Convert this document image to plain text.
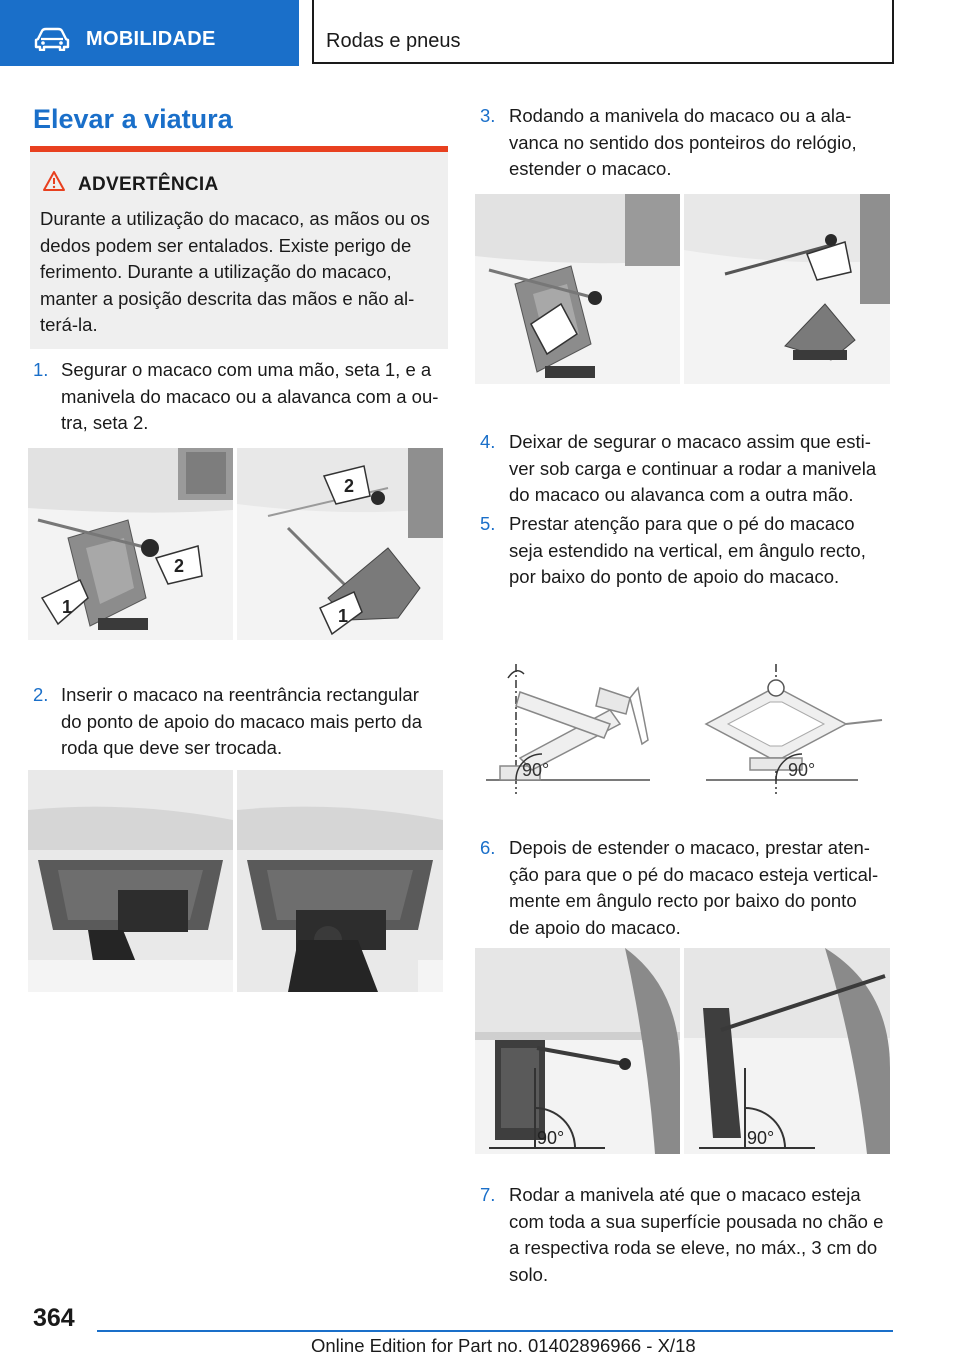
MOBILIDADE	Rodas e pneus
Elevar a viatura
ADVERTÊNCIA
Durante a utilização do macaco, as mãos ou os
dedos podem ser entalados. Existe perigo de
ferimento. Durante a utilização do macaco,
manter a posição descrita das mãos e não al-
terá-la.
1. Segurar o macaco com uma mão, seta 1, e a
manivela do macaco ou a alavanca com a ou-
tra, seta 2.
1
2
2
1
2. Inserir o macaco na reentrância rectangular
do ponto de apoio do macaco mais perto da
roda que deve ser trocada.
3. Rodando a manivela do macaco ou a ala-
vanca no sentido dos ponteiros do relógio,
estender o macaco.
4. Deixar de segurar o macaco assim que esti-
ver sob carga e continuar a rodar a manivela
do macaco ou alavanca com a outra mão.
5. Prestar atenção para que o pé do macaco
seja estendido na vertical, em ângulo recto,
por baixo do ponto de apoio do macaco.
90°	90°
6. Depois de estender o macaco, prestar aten-
ção para que o pé do macaco esteja vertical-
mente em ângulo recto por baixo do ponto
de apoio do macaco.
90°	90°
7. Rodar a manivela até que o macaco esteja
com toda a sua superfície pousada no chão e
a respectiva roda se eleve, no máx., 3 cm do
solo.
364
Online Edition for Part no. 01402896966 - X/18
